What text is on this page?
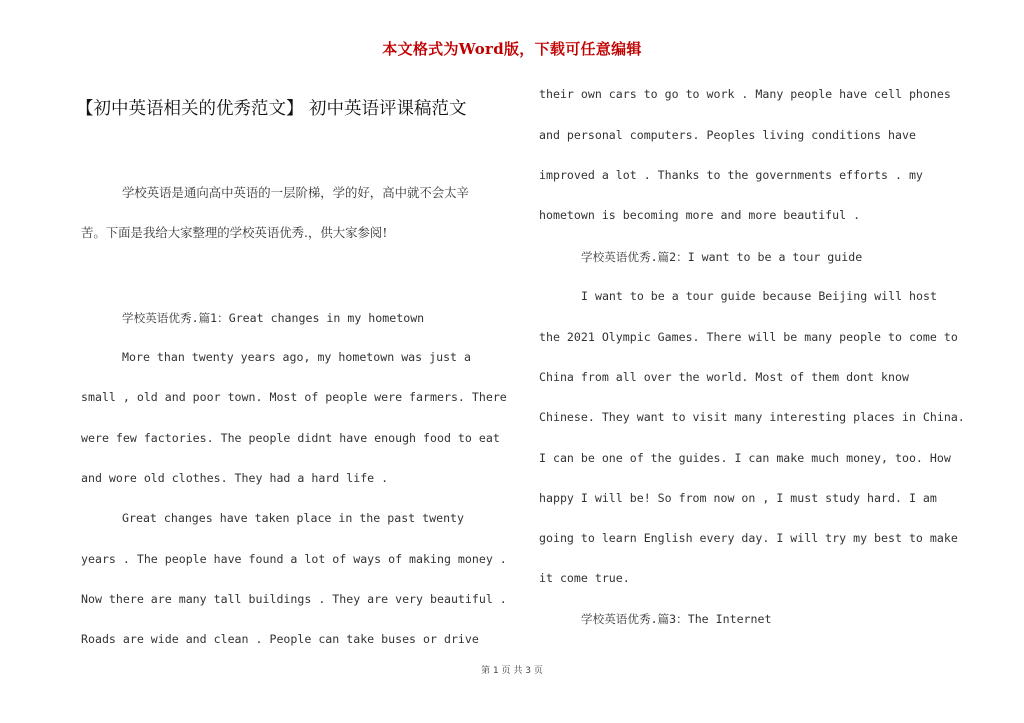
本文格式为Word版，下载可任意编辑
【初中英语相关的优秀范文】 初中英语评课稿范文
学校英语是通向高中英语的一层阶梯，学的好，高中就不会太辛
苦。下面是我给大家整理的学校英语优秀.，供大家参阅!
学校英语优秀.篇1：Great changes in my hometown
More than twenty years ago, my hometown was just a
small , old and poor town. Most of people were farmers. There
were few factories. The people didnt have enough food to eat
and wore old clothes. They had a hard life .
Great changes have taken place in the past twenty
years . The people have found a lot of ways of making money .
Now there are many tall buildings . They are very beautiful .
Roads are wide and clean . People can take buses or drive
their own cars to go to work . Many people have cell phones
and personal computers. Peoples living conditions have
improved a lot . Thanks to the governments efforts . my
hometown is becoming more and more beautiful .
学校英语优秀.篇2：I want to be a tour guide
I want to be a tour guide because Beijing will host
the 2021 Olympic Games. There will be many people to come to
China from all over the world. Most of them dont know
Chinese. They want to visit many interesting places in China.
I can be one of the guides. I can make much money, too. How
happy I will be! So from now on , I must study hard. I am
going to learn English every day. I will try my best to make
it come true.
学校英语优秀.篇3：The Internet
第 1 页 共 3 页
